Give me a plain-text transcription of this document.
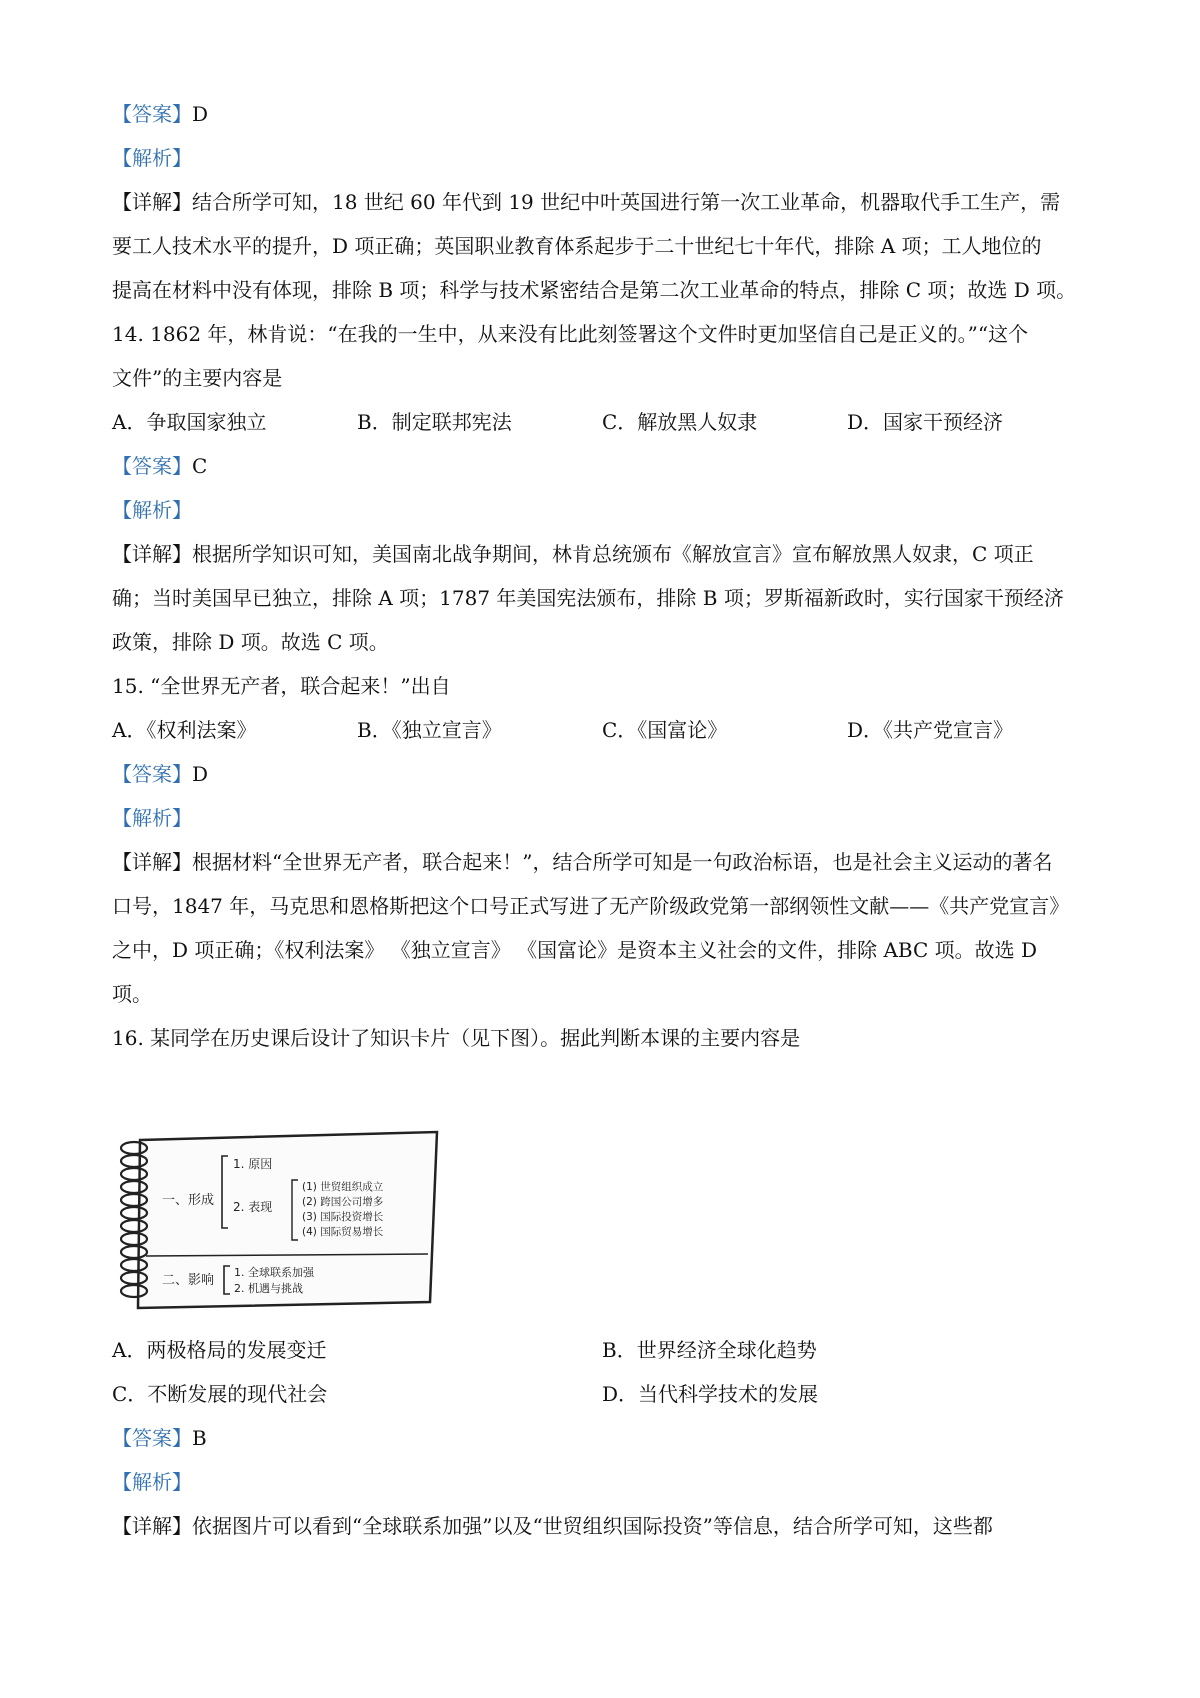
【答案】D
【解析】
【详解】结合所学可知，18 世纪 60 年代到 19 世纪中叶英国进行第一次工业革命，机器取代手工生产，需
要工人技术水平的提升，D 项正确；英国职业教育体系起步于二十世纪七十年代，排除 A 项；工人地位的
提高在材料中没有体现，排除 B 项；科学与技术紧密结合是第二次工业革命的特点，排除 C 项；故选 D 项。
14. 1862 年，林肯说：“在我的一生中，从来没有比此刻签署这个文件时更加坚信自己是正义的。”“这个
文件”的主要内容是
A．争取国家独立	B．制定联邦宪法	C．解放黑人奴隶	D．国家干预经济
【答案】C
【解析】
【详解】根据所学知识可知，美国南北战争期间，林肯总统颁布《解放宣言》宣布解放黑人奴隶，C 项正
确；当时美国早已独立，排除 A 项；1787 年美国宪法颁布，排除 B 项；罗斯福新政时，实行国家干预经济
政策，排除 D 项。故选 C 项。
15. “全世界无产者，联合起来！”出自
A．《权利法案》	B．《独立宣言》	C．《国富论》	D．《共产党宣言》
【答案】D
【解析】
【详解】根据材料“全世界无产者，联合起来！”，结合所学可知是一句政治标语，也是社会主义运动的著名
口号，1847 年，马克思和恩格斯把这个口号正式写进了无产阶级政党第一部纲领性文献——《共产党宣言》
之中，D 项正确；《权利法案》 《独立宣言》 《国富论》是资本主义社会的文件，排除 ABC 项。故选 D
项。
16. 某同学在历史课后设计了知识卡片（见下图）。据此判断本课的主要内容是
一、形成
1. 原因
2. 表现
(1) 世贸组织成立
(2) 跨国公司增多
(3) 国际投资增长
(4) 国际贸易增长
二、影响
1. 全球联系加强
2. 机遇与挑战
A．两极格局的发展变迁	B．世界经济全球化趋势
C．不断发展的现代社会	D．当代科学技术的发展
【答案】B
【解析】
【详解】依据图片可以看到“全球联系加强”以及“世贸组织国际投资”等信息，结合所学可知，这些都
